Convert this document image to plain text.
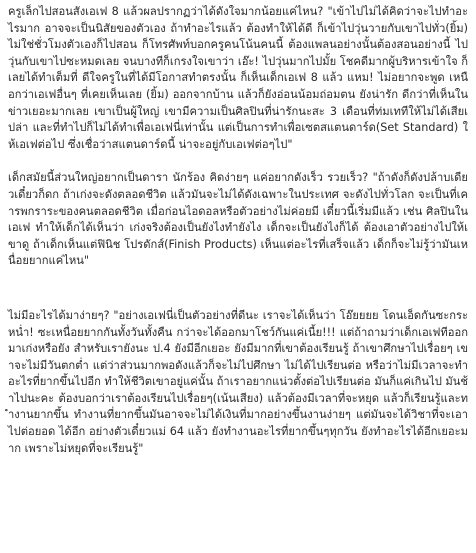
ครูเล็กไปสอนสังเอเฟ 8 แล้วผลปรากฏว่าได้ดังใจมากน้อยแค่ไหน? "เข้าไปไม่ได้คิดว่าจะไปทำอะไรมาก อาจจะเป็นนิสัยของตัวเอง ถ้าทำอะไรแล้ว ต้องทำให้ได้ดี ก็เข้าไปวุ่นวายกับเขาไปทั่ว(ยิ้ม) ไม่ใช่ชั่วโมงตัวเองก็ไปสอน ก็โทรศัพท์บอกครูคนโน้นคนนี้ ต้องแพลนอย่างนั้นต้องสอนอย่างนี้ ไปวุ่นกับเขาไปซะหมดเลย จนบางทีก็เกรงใจเขาว่า เอ๊ะ! ไปวุ่นมากไปมั้ย โชคดีมากผู้บริหารเข้าใจ ก็เลยได้ทำเต็มที่ ดีใจครูในที่ได้มีโอกาสทำตรงนั้น ก็เห็นเด็กเอเฟ 8 แล้ว แหม! ไม่อยากจะพูด เหนือกว่าเอเฟอื่นๆ ที่เคยเห็นเลย (ยิ้ม) ออกจากบ้าน แล้วก็ยังอ่อนน้อมถ่อมตน ยังน่ารัก ดีกว่าที่เห็นในข่าวเยอะมากเลย เขาเป็นผู้ใหญ่ เขามีความเป็นศิลปินที่น่ารักนะสะ 3 เดือนที่ท่มเททีให้ไม่ได้เสียเปล่า และที่ทำไปก็ไม่ได้ทำเพื่อเอเฟนี่เท่านั้น แต่เป็นการทำเพื่อเซตสแตนดาร์ด(Set Standard) ให้เอเฟต่อไป ซึ่งเชื่อว่าสแตนดาร์ดนี้ น่าจะอยู่กับเอเฟต่อๆไป"

เด็กสมัยนี้ส่วนใหญ่อยากเป็นดารา นักร้อง คิดง่ายๆ แค่อยากดังเร็ว รวยเร็ว? "ถ้าดังก็ดังปล้าบเดียวเดี๋ยวก็ดก ถ้าเก่งจะดังตลอดชีวิต แล้วมันจะไม่ได้ดังเฉพาะในประเทศ จะดังไปทั่วโลก จะเป็นที่เคารพกราระของคนตลอดชีวิต เมื่อก่อนไอดอลหรือตัวอย่างไม่ค่อยมี เดี๋ยวนี้เริ่มมีแล้ว เช่น ศิลปินในเอเฟ ทำให้เด็กได้เห็นว่า เก่งจริงต้องเป็นยังไงทำยังไง เด็กจะเป็นยังไงก็ได้ ต้องเอาตัวอย่างไปให้เขาดู ถ้าเด็กเห็นแต่ฟินิช โปรดักส์(Finish Products) เห็นแต่อะไรที่เสร็จแล้ว เด็กก็จะไม่รู้ว่ามันเหนื่อยยากแค่ไหน"

ไม่มีอะไรได้มาง่ายๆ? "อย่างเอเฟนี่เป็นตัวอย่างที่ดีนะ เราจะได้เห็นว่า โอ๊ยยยย โดนเอ็ดกันซะกระหน่ำ! ซะเหนื่อยยากกันทั้งวันทั้งคืน กว่าจะได้ออกมาโชว์กันแค่เนี้ย!!! แต่ถ้าถามว่าเด็กเอเฟทีออกมาเก่งหรือยัง สำหรับเรายังนะ ป.4 ยังมีอีกเยอะ ยังมีมากที่เขาต้องเรียนรู้ ถ้าเขาศึกษาไปเรื่อยๆ เขาจะไม่มีวันตกต่ำ แต่ว่าส่วนมากพอดังแล้วก็จะไม่ไปศึกษา ไม่ได้ไปเรียนต่อ หรือว่าไม่มีเวลาจะทำอะไรที่ยากขึ้นไปอีก ทำให้ชีวิตเขาอยู่แค่นั้น ถ้าเราอยากแน่วตั้งต่อไปเรียนต่อ มันก็แค่เกินไป มันช้าไปนะคะ ต้องบอกว่าเราต้องเรียนไปเรื่อยๆ(เน้นเสียง) แล้วต้องมีเวลาที่จะหยุด แล้วก็เรียนรู้และทำงานยากขึ้น ทำงานที่ยากขึ้นมันอาจจะไม่ได้เงินที่มากอย่างขึ้นงานง่ายๆ แต่มันจะได้วิชาที่จะเอาไปต่อยอด ได้อีก อย่างตัวเดี๋ยวแม่ 64 แล้ว ยังทำงานอะไรที่ยากขึ้นๆทุกวัน ยังทำอะไรได้อีกเยอะมาก เพราะไม่หยุดที่จะเรียนรู้"
